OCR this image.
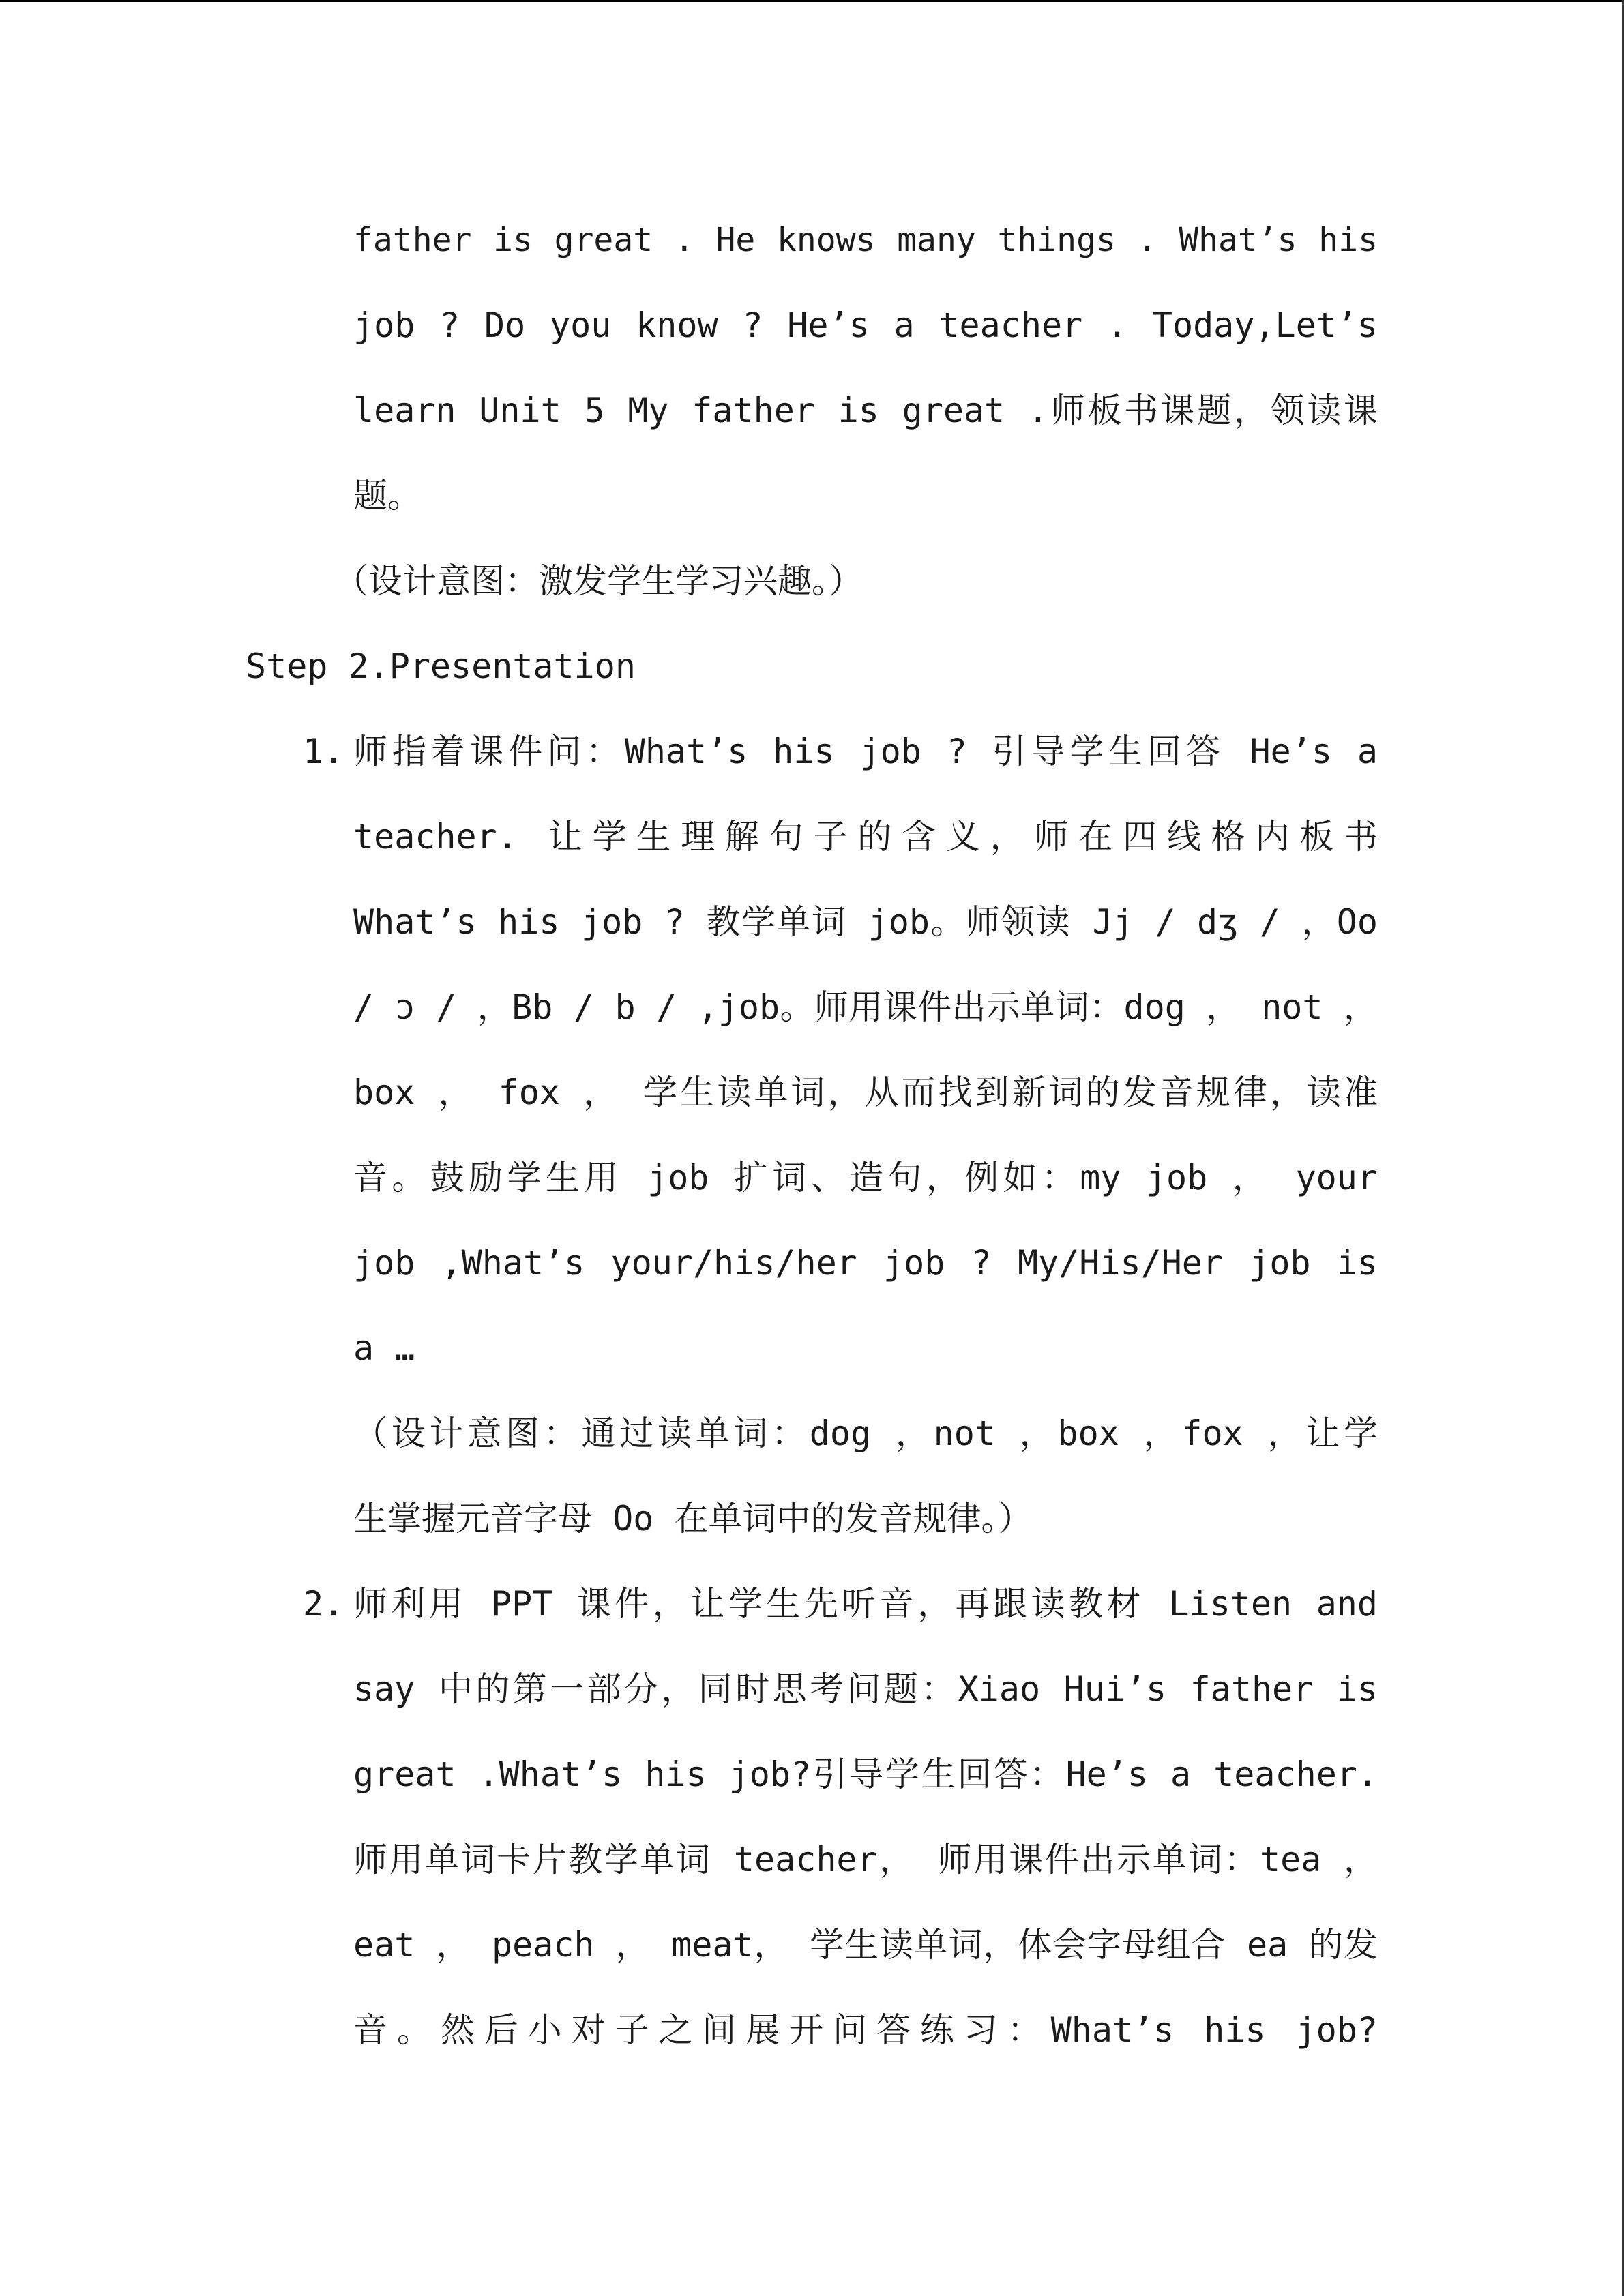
father is great . He knows many things . What’s his
job ? Do you know ? He’s a teacher . Today,Let’s
learn Unit 5 My father is great .师板书课题，领读课
题。
（设计意图：激发学生学习兴趣。）
Step 2.Presentation
1. 师指着课件问：What’s his job ? 引导学生回答 He’s a
teacher. 让学生理解句子的含义，师在四线格内板书
What’s his job ? 教学单词 job。师领读 Jj / dʒ / ，Oo
/ ɔ / ，Bb / b / ,job。师用课件出示单词：dog ， not ，
box ， fox ， 学生读单词，从而找到新词的发音规律，读准
音。鼓励学生用 job 扩词、造句，例如：my job ， your
job ,What’s your/his/her job ? My/His/Her job is
a …
（设计意图：通过读单词：dog ，not ，box ，fox ，让学
生掌握元音字母 Oo 在单词中的发音规律。）
2. 师利用 PPT 课件，让学生先听音，再跟读教材 Listen and
say 中的第一部分，同时思考问题：Xiao Hui’s father is
great .What’s his job?引导学生回答：He’s a teacher.
师用单词卡片教学单词 teacher， 师用课件出示单词：tea ，
eat ， peach ， meat， 学生读单词，体会字母组合 ea 的发
音。然后小对子之间展开问答练习：What’s his job?
